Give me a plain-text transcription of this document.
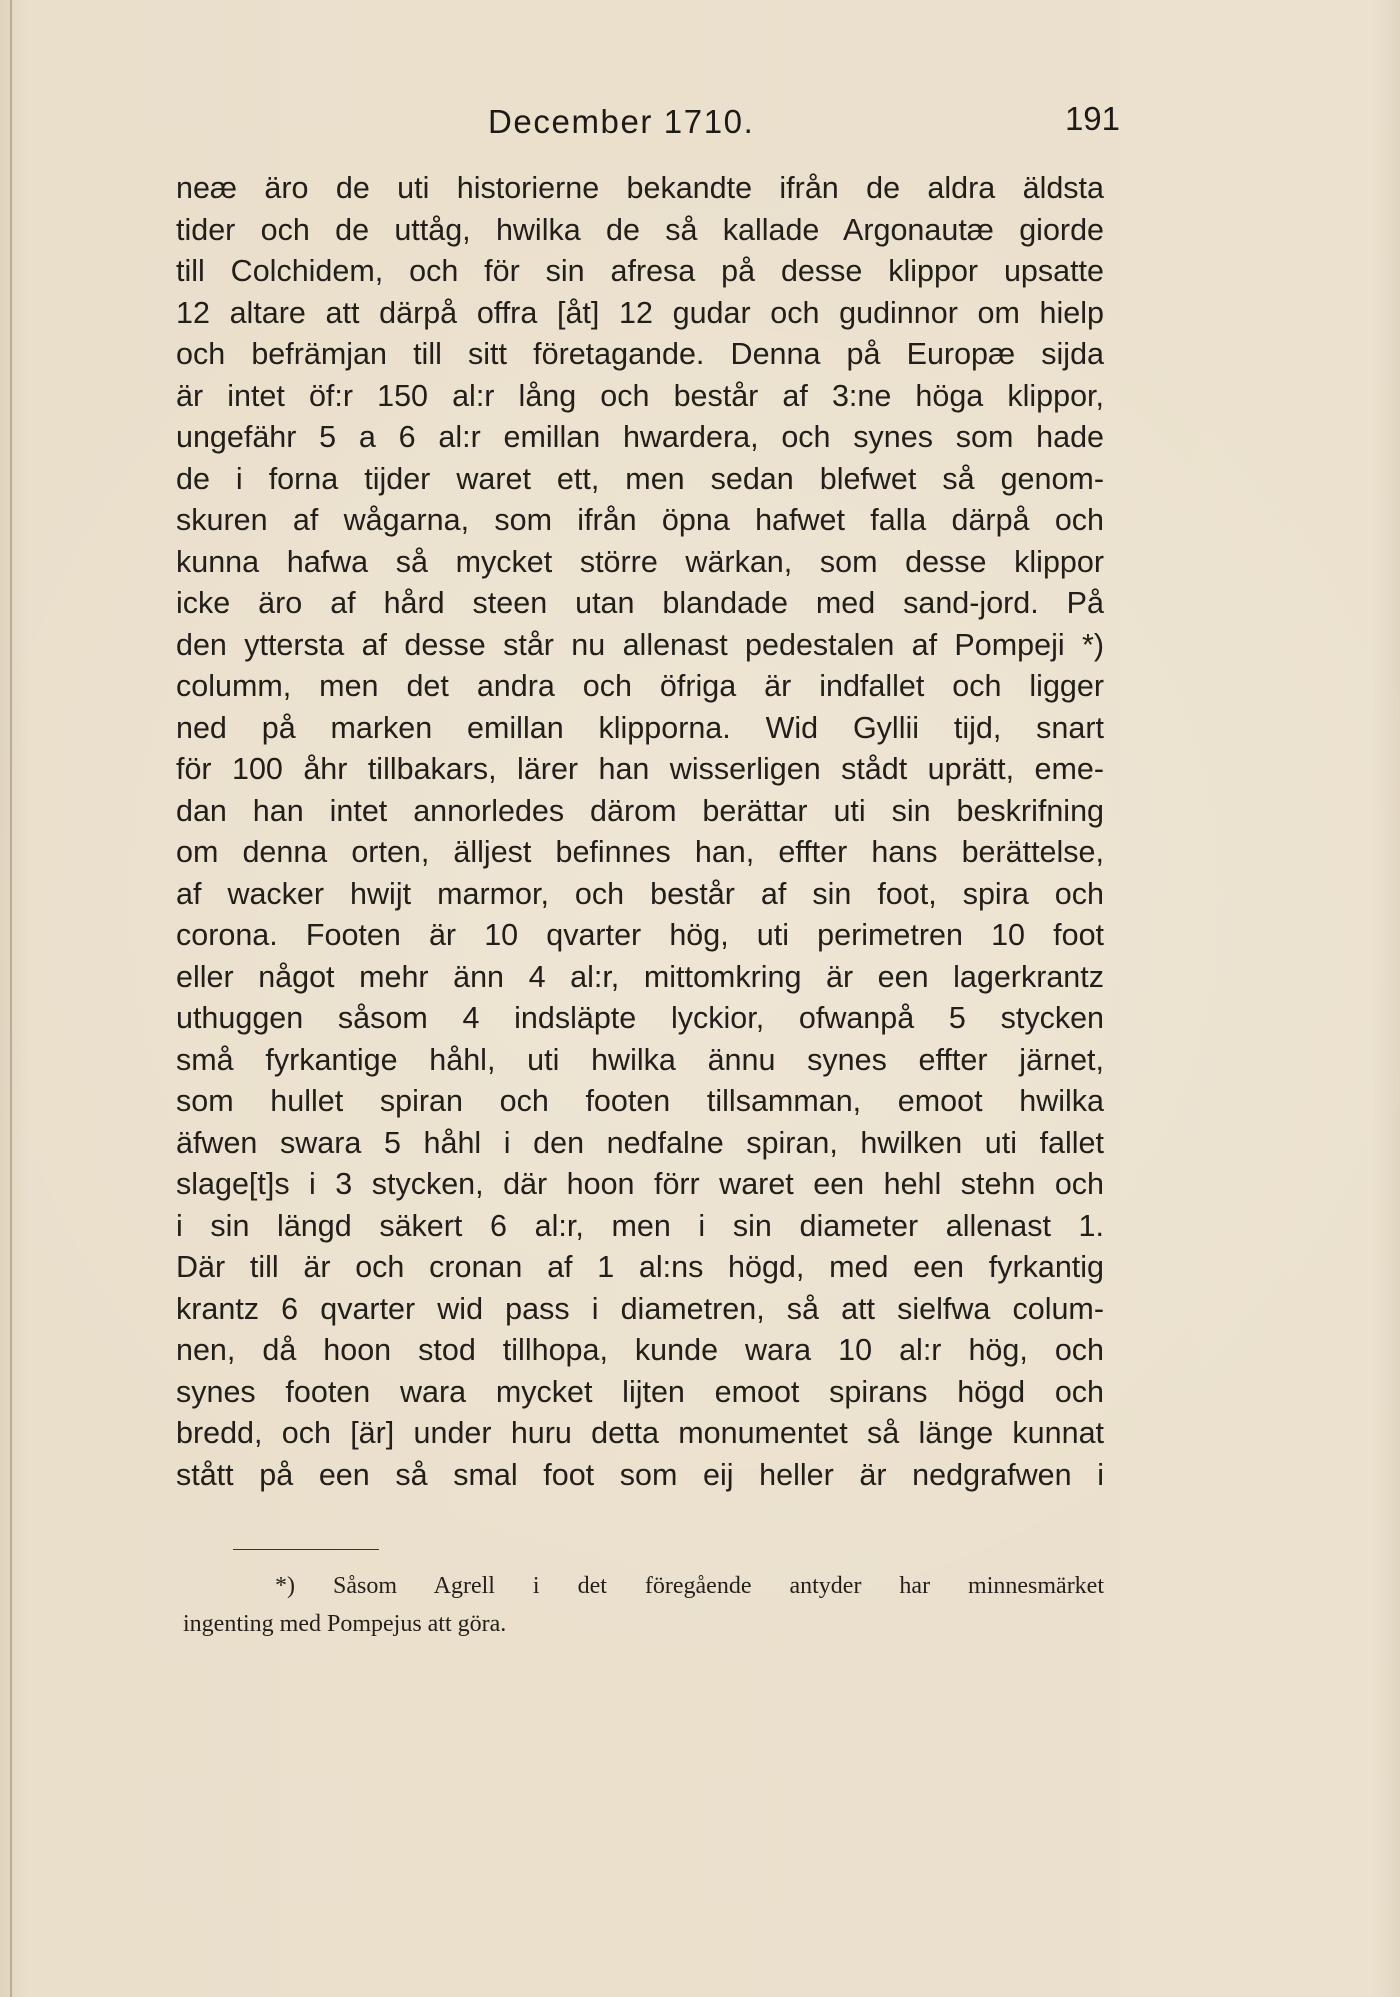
December 1710.	191
neæ äro de uti historierne bekandte ifrån de aldra äldsta
tider och de uttåg, hwilka de så kallade Argonautæ giorde
till Colchidem, och för sin afresa på desse klippor upsatte
12 altare att därpå offra [åt] 12 gudar och gudinnor om hielp
och befrämjan till sitt företagande. Denna på Europæ sijda
är intet öf:r 150 al:r lång och består af 3:ne höga klippor,
ungefähr 5 a 6 al:r emillan hwardera, och synes som hade
de i forna tijder waret ett, men sedan blefwet så genom-
skuren af wågarna, som ifrån öpna hafwet falla därpå och
kunna hafwa så mycket större wärkan, som desse klippor
icke äro af hård steen utan blandade med sand-jord. På
den yttersta af desse står nu allenast pedestalen af Pompeji *)
columm, men det andra och öfriga är indfallet och ligger
ned på marken emillan klipporna. Wid Gyllii tijd, snart
för 100 åhr tillbakars, lärer han wisserligen stådt uprätt, eme-
dan han intet annorledes därom berättar uti sin beskrifning
om denna orten, älljest befinnes han, effter hans berättelse,
af wacker hwijt marmor, och består af sin foot, spira och
corona. Footen är 10 qvarter hög, uti perimetren 10 foot
eller något mehr änn 4 al:r, mittomkring är een lagerkrantz
uthuggen såsom 4 indsläpte lyckior, ofwanpå 5 stycken
små fyrkantige håhl, uti hwilka ännu synes effter järnet,
som hullet spiran och footen tillsamman, emoot hwilka
äfwen swara 5 håhl i den nedfalne spiran, hwilken uti fallet
slage[t]s i 3 stycken, där hoon förr waret een hehl stehn och
i sin längd säkert 6 al:r, men i sin diameter allenast 1.
Där till är och cronan af 1 al:ns högd, med een fyrkantig
krantz 6 qvarter wid pass i diametren, så att sielfwa colum-
nen, då hoon stod tillhopa, kunde wara 10 al:r hög, och
synes footen wara mycket lijten emoot spirans högd och
bredd, och [är] under huru detta monumentet så länge kunnat
stått på een så smal foot som eij heller är nedgrafwen i
*) Såsom Agrell i det föregående antyder har minnesmärket
ingenting med Pompejus att göra.
